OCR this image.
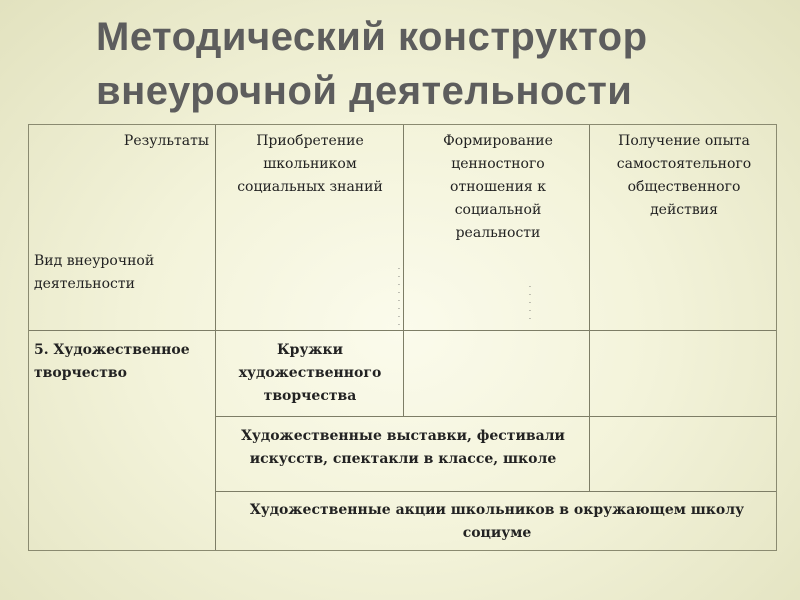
Методический конструктор
внеурочной деятельности
Результаты
Вид внеурочной деятельности
Приобретение школьником социальных знаний
Формирование ценностного отношения к социальной реальности
Получение опыта самостоятельного общественного действия
·
·
·
·
·
·
·
·
·
·
·
·
·
5. Художественное творчество
Кружки художественного творчества
Художественные выставки, фестивали искусств, спектакли в классе, школе
Художественные акции школьников в окружающем школу социуме
